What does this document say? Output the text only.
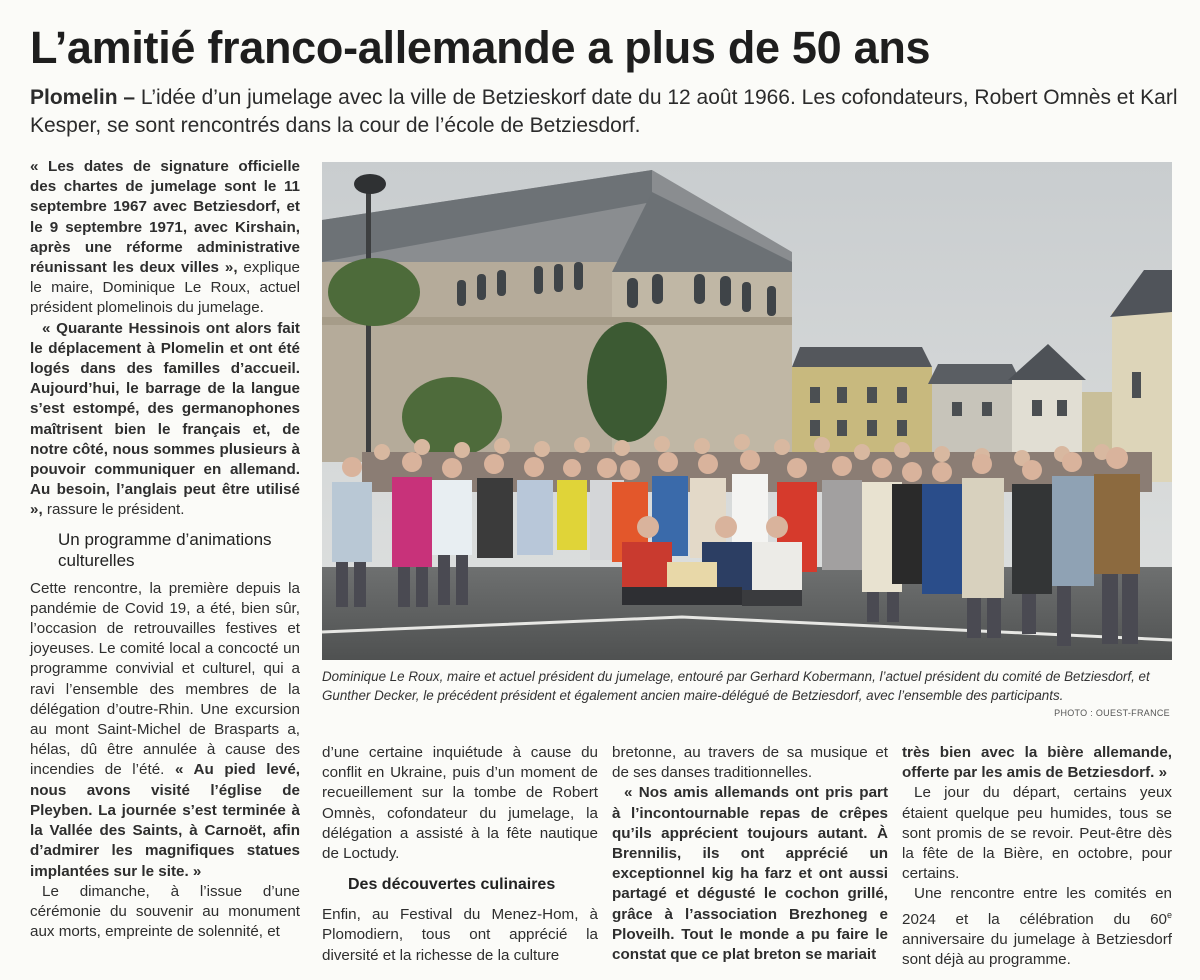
L’amitié franco-allemande a plus de 50 ans
Plomelin – L’idée d’un jumelage avec la ville de Betzieskorf date du 12 août 1966. Les cofondateurs, Robert Omnès et Karl Kesper, se sont rencontrés dans la cour de l’école de Betziesdorf.

« Les dates de signature officielle des chartes de jumelage sont le 11 septembre 1967 avec Betziesdorf, et le 9 septembre 1971, avec Kirshain, après une réforme administrative réunissant les deux villes », explique le maire, Dominique Le Roux, actuel président plomelinois du jumelage.

« Quarante Hessinois ont alors fait le déplacement à Plomelin et ont été logés dans des familles d’accueil. Aujourd’hui, le barrage de la langue s’est estompé, des germanophones maîtrisent bien le français et, de notre côté, nous sommes plusieurs à pouvoir communiquer en allemand. Au besoin, l’anglais peut être utilisé », rassure le président.

Un programme d’animations culturelles

Cette rencontre, la première depuis la pandémie de Covid 19, a été, bien sûr, l’occasion de retrouvailles festives et joyeuses. Le comité local a concocté un programme convivial et culturel, qui a ravi l’ensemble des membres de la délégation d’outre-Rhin. Une excursion au mont Saint-Michel de Brasparts a, hélas, dû être annulée à cause des incendies de l’été. « Au pied levé, nous avons visité l’église de Pleyben. La journée s’est terminée à la Vallée des Saints, à Carnoët, afin d’admirer les magnifiques statues implantées sur le site. »

Le dimanche, à l’issue d’une cérémonie du souvenir au monument aux morts, empreinte de solennité, et

Dominique Le Roux, maire et actuel président du jumelage, entouré par Gerhard Kobermann, l’actuel président du comité de Betziesdorf, et Gunther Decker, le précédent président et également ancien maire-délégué de Betziesdorf, avec l’ensemble des participants.
PHOTO : OUEST-FRANCE

d’une certaine inquiétude à cause du conflit en Ukraine, puis d’un moment de recueillement sur la tombe de Robert Omnès, cofondateur du jumelage, la délégation a assisté à la fête nautique de Loctudy.

Des découvertes culinaires

Enfin, au Festival du Menez-Hom, à Plomodiern, tous ont apprécié la diversité et la richesse de la culture

bretonne, au travers de sa musique et de ses danses traditionnelles.

« Nos amis allemands ont pris part à l’incontournable repas de crêpes qu’ils apprécient toujours autant. À Brennilis, ils ont apprécié un exceptionnel kig ha farz et ont aussi partagé et dégusté le cochon grillé, grâce à l’association Brezhoneg e Ploveilh. Tout le monde a pu faire le constat que ce plat breton se mariait

très bien avec la bière allemande, offerte par les amis de Betziesdorf. »

Le jour du départ, certains yeux étaient quelque peu humides, tous se sont promis de se revoir. Peut-être dès la fête de la Bière, en octobre, pour certains.

Une rencontre entre les comités en 2024 et la célébration du 60e anniversaire du jumelage à Betziesdorf sont déjà au programme.
